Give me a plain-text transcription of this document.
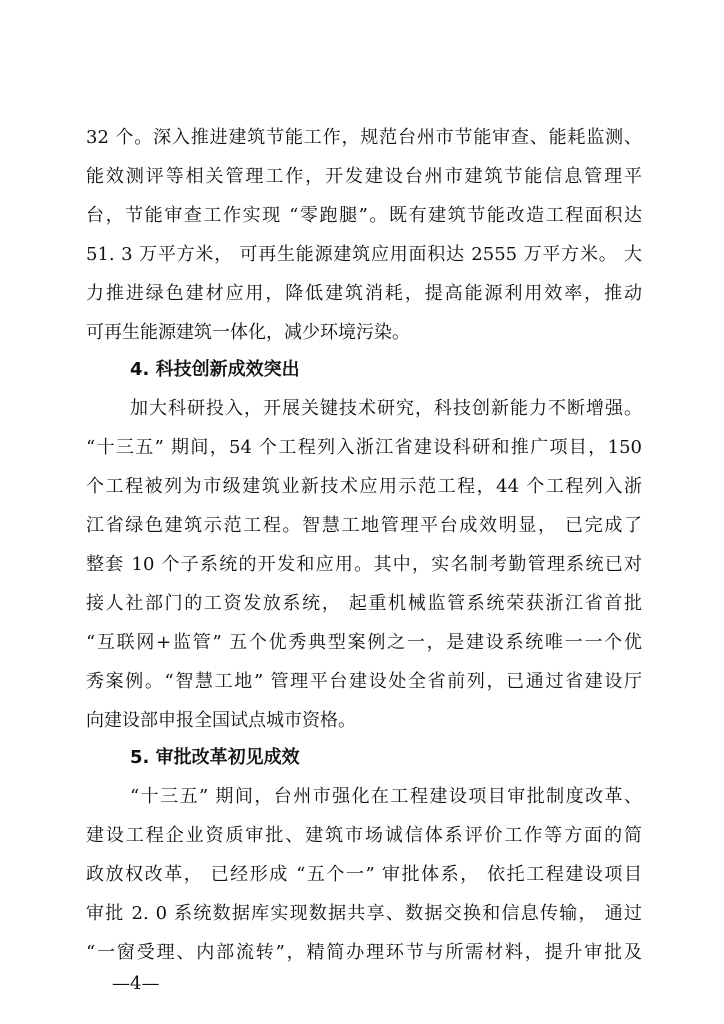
32 个。深入推进建筑节能工作，规范台州市节能审查、能耗监测、
能效测评等相关管理工作，开发建设台州市建筑节能信息管理平
台，节能审查工作实现 “零跑腿”。既有建筑节能改造工程面积达
51. 3 万平方米， 可再生能源建筑应用面积达 2555 万平方米。 大
力推进绿色建材应用，降低建筑消耗，提高能源利用效率，推动
可再生能源建筑一体化，减少环境污染。
4. 科技创新成效突出
加大科研投入，开展关键技术研究，科技创新能力不断增强。
“十三五” 期间，54 个工程列入浙江省建设科研和推广项目，150
个工程被列为市级建筑业新技术应用示范工程，44 个工程列入浙
江省绿色建筑示范工程。智慧工地管理平台成效明显， 已完成了
整套 10 个子系统的开发和应用。其中，实名制考勤管理系统已对
接人社部门的工资发放系统， 起重机械监管系统荣获浙江省首批
“互联网+监管” 五个优秀典型案例之一，是建设系统唯一一个优
秀案例。“智慧工地” 管理平台建设处全省前列，已通过省建设厅
向建设部申报全国试点城市资格。
5. 审批改革初见成效
“十三五” 期间，台州市强化在工程建设项目审批制度改革、
建设工程企业资质审批、建筑市场诚信体系评价工作等方面的简
政放权改革， 已经形成 “五个一” 审批体系， 依托工程建设项目
审批 2. 0 系统数据库实现数据共享、数据交换和信息传输， 通过
“一窗受理、内部流转”，精简办理环节与所需材料，提升审批及
—4—
